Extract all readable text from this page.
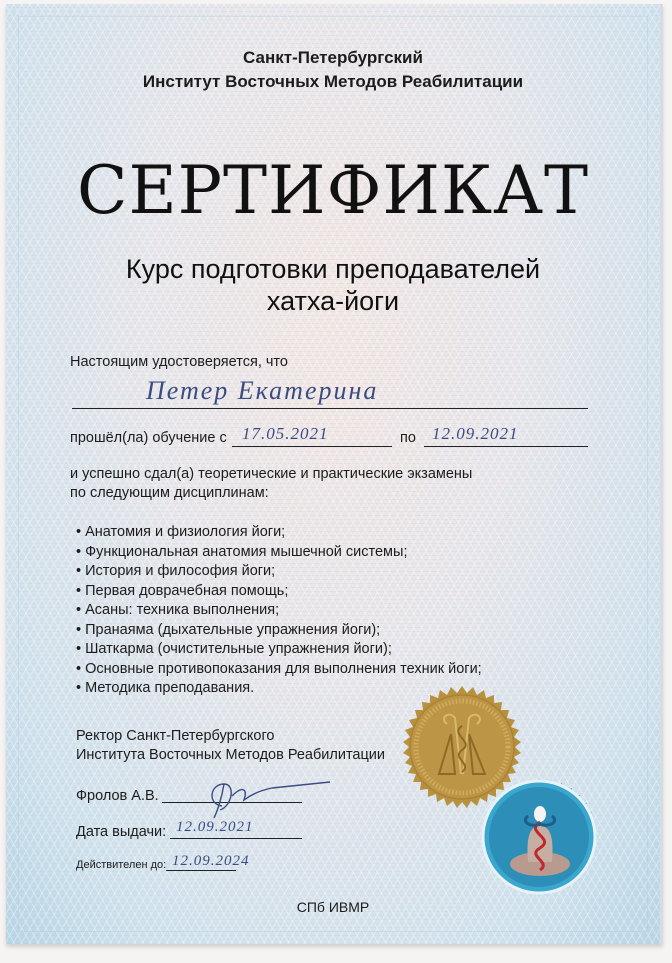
Санкт-Петербургский
Институт Восточных Методов Реабилитации
СЕРТИФИКАТ
Курс подготовки преподавателей
хатха-йоги
Настоящим удостоверяется, что
Петер Екатерина
прошёл(ла) обучение с 17.05.2021	по 12.09.2021
и успешно сдал(а) теоретические и практические экзамены
по следующим дисциплинам:
• Анатомия и физиология йоги;
• Функциональная анатомия мышечной системы;
• История и философия йоги;
• Первая доврачебная помощь;
• Асаны: техника выполнения;
• Пранаяма (дыхательные упражнения йоги);
• Шаткарма (очистительные упражнения йоги);
• Основные противопоказания для выполнения техник йоги;
• Методика преподавания.
Ректор Санкт-Петербургского
Института Восточных Методов Реабилитации
Фролов А.В.
Дата выдачи: 12.09.2021
Действителен до: 12.09.2024
СПб ИВМР
